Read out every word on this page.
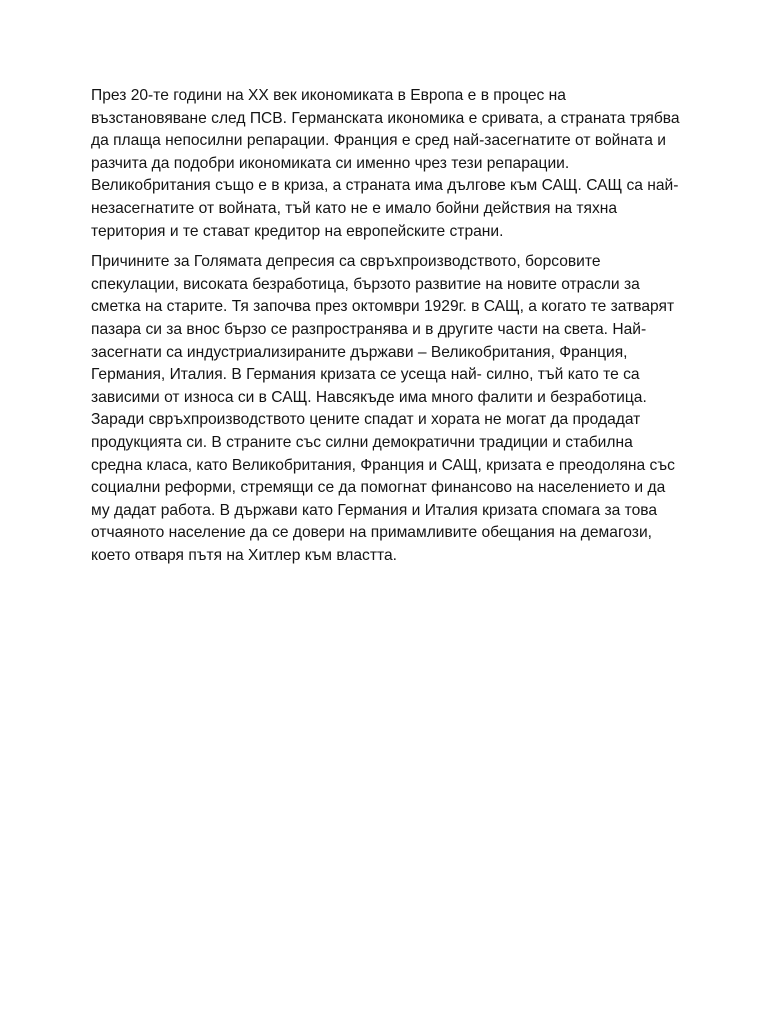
През 20-те години на XX век икономиката в Европа е в процес на възстановяване след ПСВ. Германската икономика е сривата, а страната трябва да плаща непосилни репарации. Франция е сред най-засегнатите от войната и разчита да подобри икономиката си именно чрез тези репарации. Великобритания също е в криза, а страната има дългове към САЩ. САЩ са най-незасегнатите от войната, тъй като не е имало бойни действия на тяхна територия и те стават кредитор на европейските страни.

Причините за Голямата депресия са свръхпроизводството, борсовите спекулации, високата безработица, бързото развитие на новите отрасли за сметка на старите. Тя започва през октомври 1929г. в САЩ, а когато те затварят пазара си за внос бързо се разпространява и в другите части на света. Най-засегнати са индустриализираните държави – Великобритания, Франция, Германия, Италия. В Германия кризата се усеща най- силно, тъй като те са зависими от износа си в САЩ. Навсякъде има много фалити и безработица. Заради свръхпроизводството цените спадат и хората не могат да продадат продукцията си. В страните със силни демократични традиции и стабилна средна класа, като Великобритания, Франция и САЩ, кризата е преодоляна със социални реформи, стремящи се да помогнат финансово на населението и да му дадат работа. В държави като Германия и Италия кризата спомага за това отчаяното население да се довери на примамливите обещания на демагози, което отваря пътя на Хитлер към властта.
